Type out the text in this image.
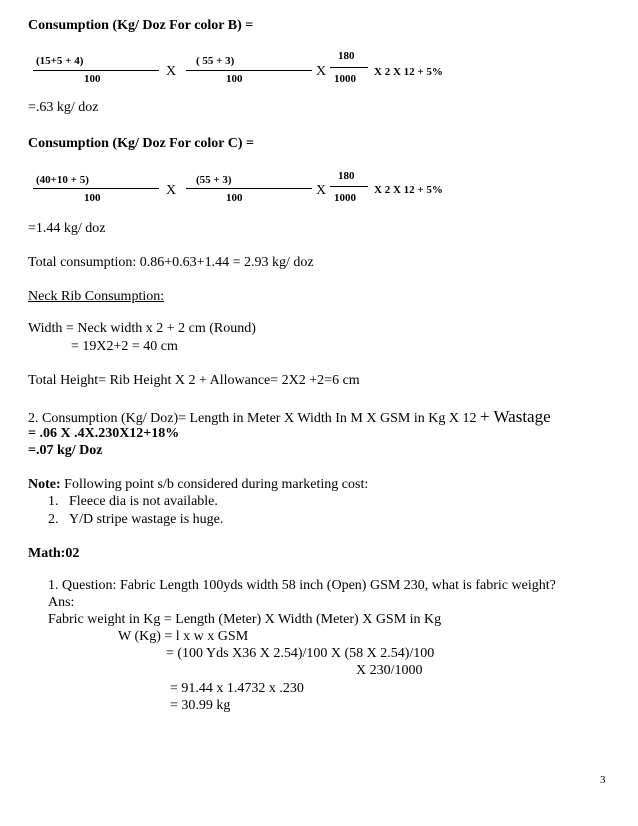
Consumption (Kg/ Doz For color B) =
(15+5 + 4)
100	X
( 55 + 3)
100	X
180
1000
X 2 X 12 + 5%
=.63 kg/ doz
Consumption (Kg/ Doz For color C) =
(40+10 + 5)
100	X
(55 + 3)
100	X
180
1000
X 2 X 12 + 5%
=1.44 kg/ doz
Total consumption: 0.86+0.63+1.44 = 2.93 kg/ doz
Neck Rib Consumption:
Width = Neck width x 2 + 2 cm (Round)
= 19X2+2 = 40 cm
Total Height= Rib Height X 2 + Allowance= 2X2 +2=6 cm
2. Consumption (Kg/ Doz)= Length in Meter X Width In M X GSM in Kg X 12 + Wastage
= .06 X .4X.230X12+18%
=.07 kg/ Doz
Note: Following point s/b considered during marketing cost:
1. Fleece dia is not available.
2. Y/D stripe wastage is huge.
Math:02
1. Question: Fabric Length 100yds width 58 inch (Open) GSM 230, what is fabric weight?
Ans:
Fabric weight in Kg = Length (Meter) X Width (Meter) X GSM in Kg
W (Kg) = l x w x GSM
= (100 Yds X36 X 2.54)/100 X (58 X 2.54)/100
X 230/1000
= 91.44 x 1.4732 x .230
= 30.99 kg
3
